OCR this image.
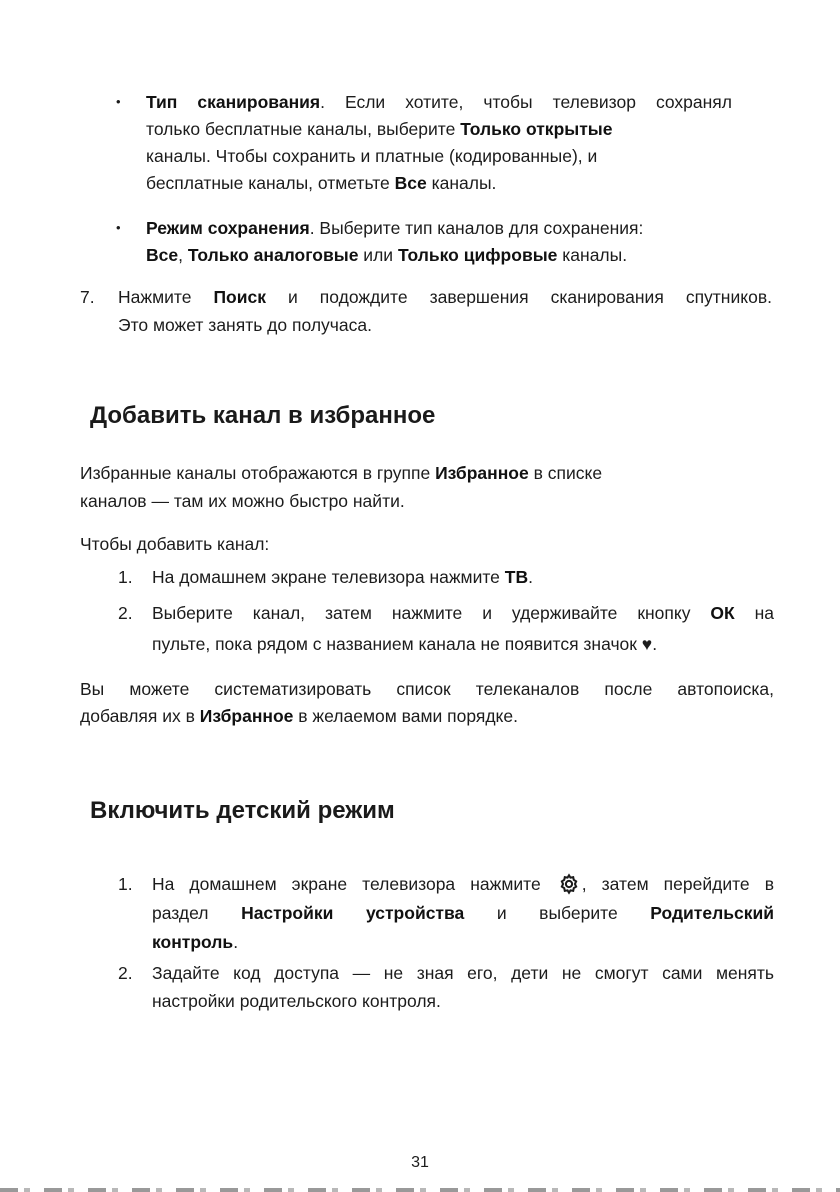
• Тип сканирования. Если хотите, чтобы телевизор сохранял
только бесплатные каналы, выберите Только открытые
каналы. Чтобы сохранить и платные (кодированные), и
бесплатные каналы, отметьте Все каналы.
• Режим сохранения. Выберите тип каналов для сохранения:
Все, Только аналоговые или Только цифровые каналы.
7. Нажмите Поиск и подождите завершения сканирования спутников.
Это может занять до получаса.
Добавить канал в избранное
Избранные каналы отображаются в группе Избранное в списке
каналов — там их можно быстро найти.
Чтобы добавить канал:
1. На домашнем экране телевизора нажмите ТВ.
2. Выберите канал, затем нажмите и удерживайте кнопку ОК на
пульте, пока рядом с названием канала не появится значок ♥.
Вы можете систематизировать список телеканалов после автопоиска,
добавляя их в Избранное в желаемом вами порядке.
Включить детский режим
1. На домашнем экране телевизора нажмите , затем перейдите в
раздел Настройки устройства и выберите Родительский
контроль.
2. Задайте код доступа — не зная его, дети не смогут сами менять
настройки родительского контроля.
31
